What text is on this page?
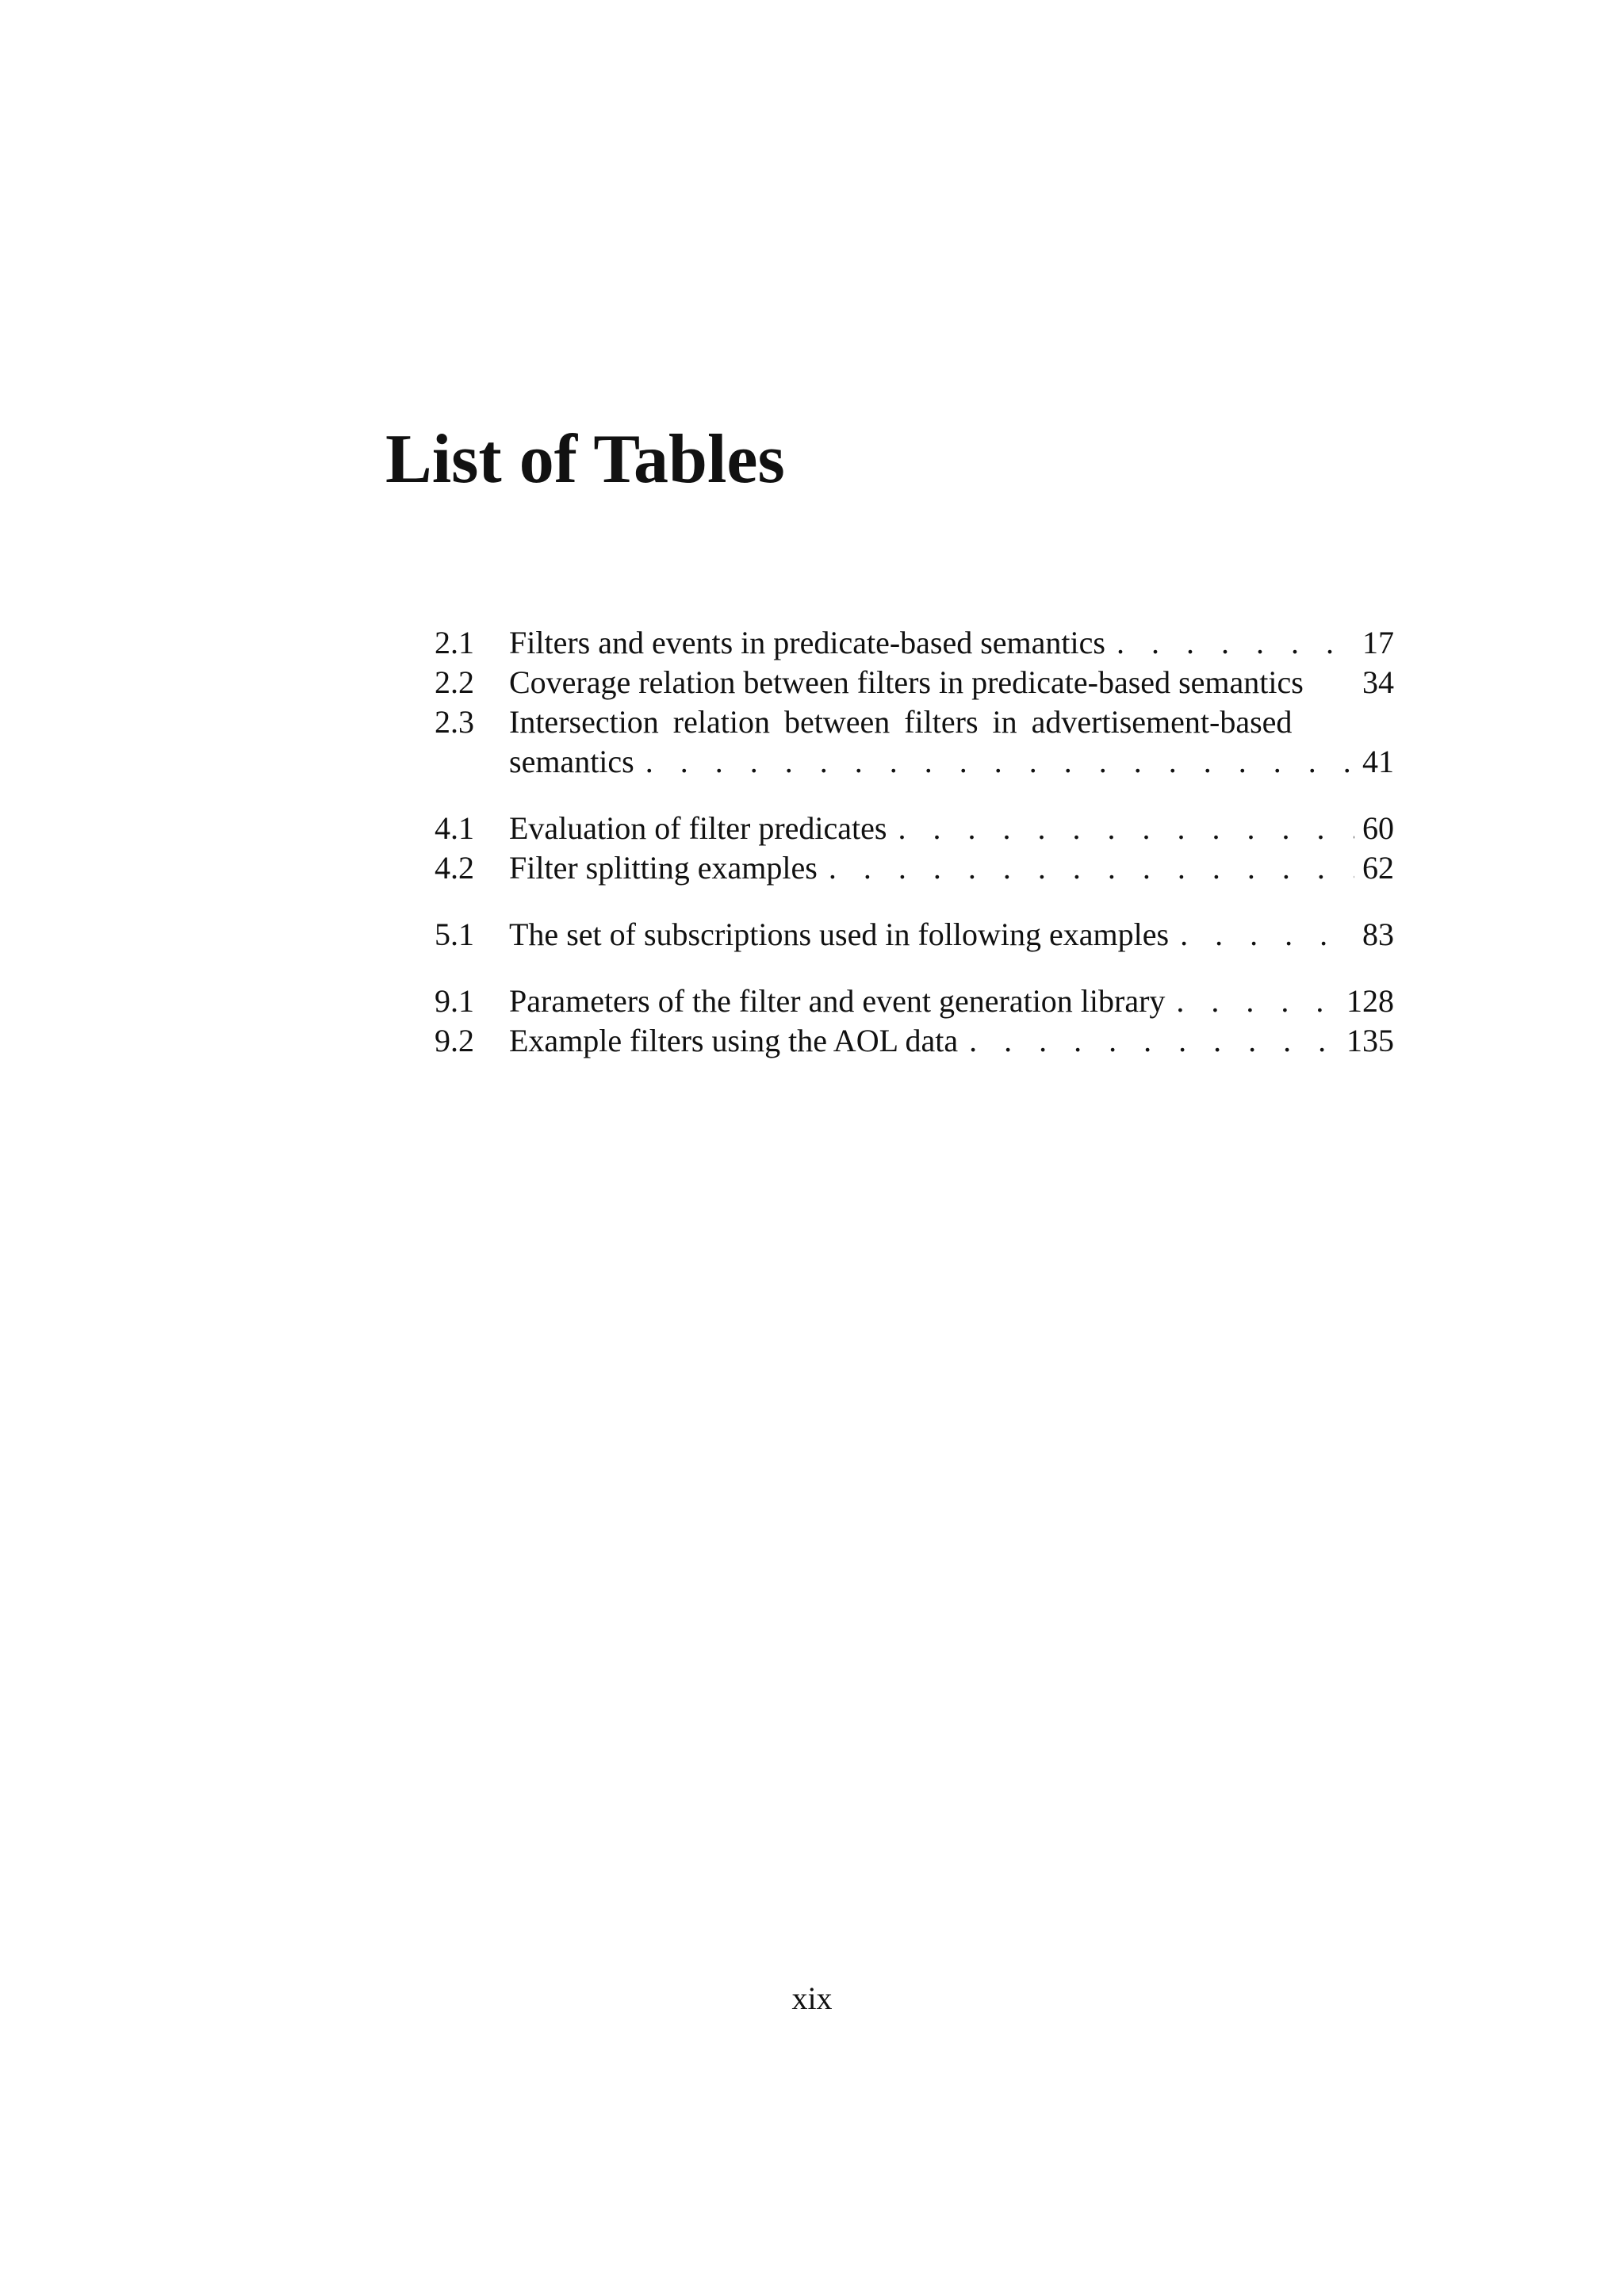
List of Tables
2.1	Filters and events in predicate-based semantics . . .	17
2.2	Coverage relation between filters in predicate-based semantics 34
2.3	Intersection relation between filters in advertisement-based
semantics . . .	41
4.1	Evaluation of filter predicates . . .	60
4.2	Filter splitting examples . . .	62
5.1	The set of subscriptions used in following examples . . .	83
9.1	Parameters of the filter and event generation library . . .	128
9.2	Example filters using the AOL data . . .	135
xix
